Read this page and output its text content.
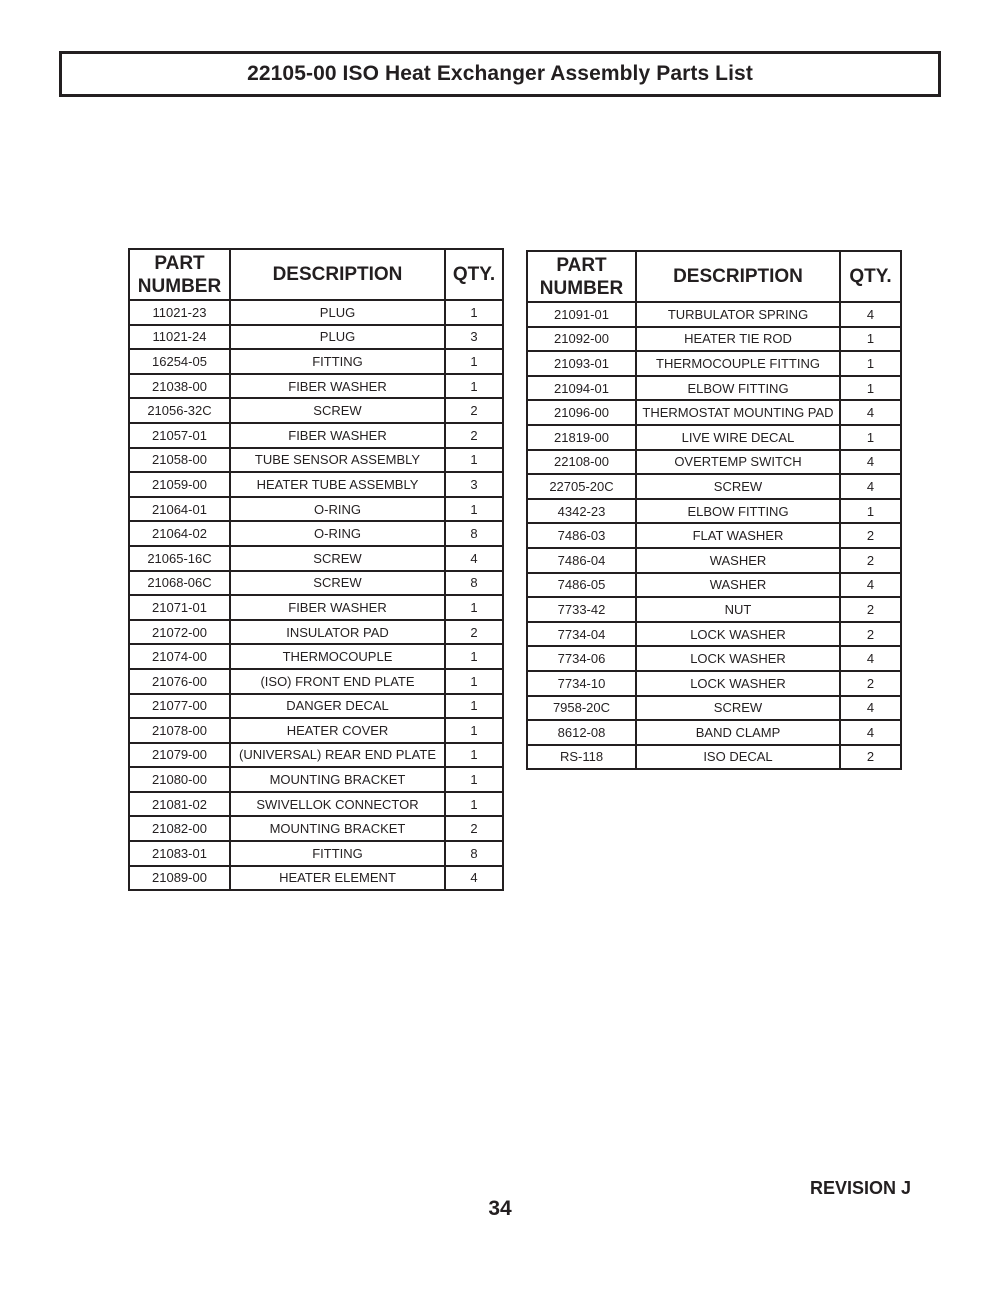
22105-00 ISO Heat Exchanger Assembly Parts List
PART
NUMBER	DESCRIPTION	QTY.
11021-23	PLUG	1
11021-24	PLUG	3
16254-05	FITTING	1
21038-00	FIBER WASHER	1
21056-32C	SCREW	2
21057-01	FIBER WASHER	2
21058-00	TUBE SENSOR ASSEMBLY	1
21059-00	HEATER TUBE ASSEMBLY	3
21064-01	O-RING	1
21064-02	O-RING	8
21065-16C	SCREW	4
21068-06C	SCREW	8
21071-01	FIBER WASHER	1
21072-00	INSULATOR PAD	2
21074-00	THERMOCOUPLE	1
21076-00	(ISO) FRONT END PLATE	1
21077-00	DANGER DECAL	1
21078-00	HEATER COVER	1
21079-00	(UNIVERSAL) REAR END PLATE	1
21080-00	MOUNTING BRACKET	1
21081-02	SWIVELLOK CONNECTOR	1
21082-00	MOUNTING BRACKET	2
21083-01	FITTING	8
21089-00	HEATER ELEMENT	4
PART
NUMBER	DESCRIPTION	QTY.
21091-01	TURBULATOR SPRING	4
21092-00	HEATER TIE ROD	1
21093-01	THERMOCOUPLE FITTING	1
21094-01	ELBOW FITTING	1
21096-00	THERMOSTAT MOUNTING PAD	4
21819-00	LIVE WIRE DECAL	1
22108-00	OVERTEMP SWITCH	4
22705-20C	SCREW	4
4342-23	ELBOW FITTING	1
7486-03	FLAT WASHER	2
7486-04	WASHER	2
7486-05	WASHER	4
7733-42	NUT	2
7734-04	LOCK WASHER	2
7734-06	LOCK WASHER	4
7734-10	LOCK WASHER	2
7958-20C	SCREW	4
8612-08	BAND CLAMP	4
RS-118	ISO DECAL	2
REVISION J
34
